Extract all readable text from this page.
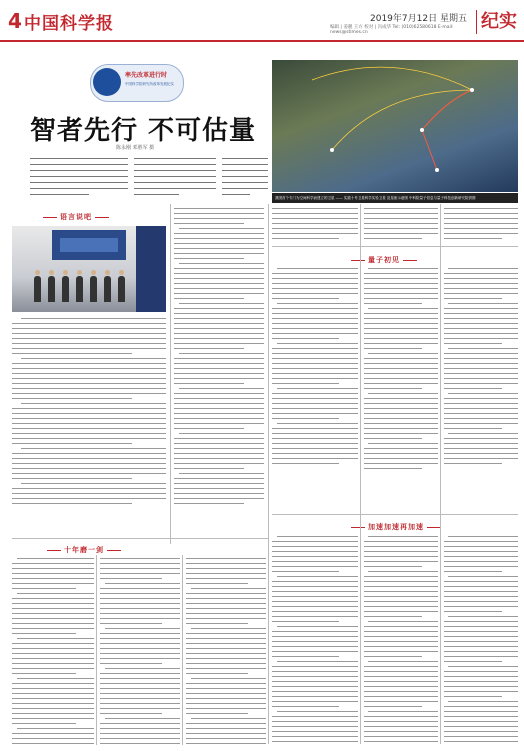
4 中国科学报	2019年7月12日 星期五
编辑 | 姜靓 王方 校对 | 冯成华 Tel: (010)62580618 E-mail: news@stimes.cn
纪实
率先改革进行时
中国科学院研究所改革发展纪实
智者先行 不可估量
陈永刚 邓胜军 摄
我国首个专门为空间科学而建立的卫星 —— 实践十号卫星科学实验卫星 及星座示意图 中科院量子信息与量子科技创新研究院供图
语言说吧
量子初见
十年磨一剑
加速加速再加速
